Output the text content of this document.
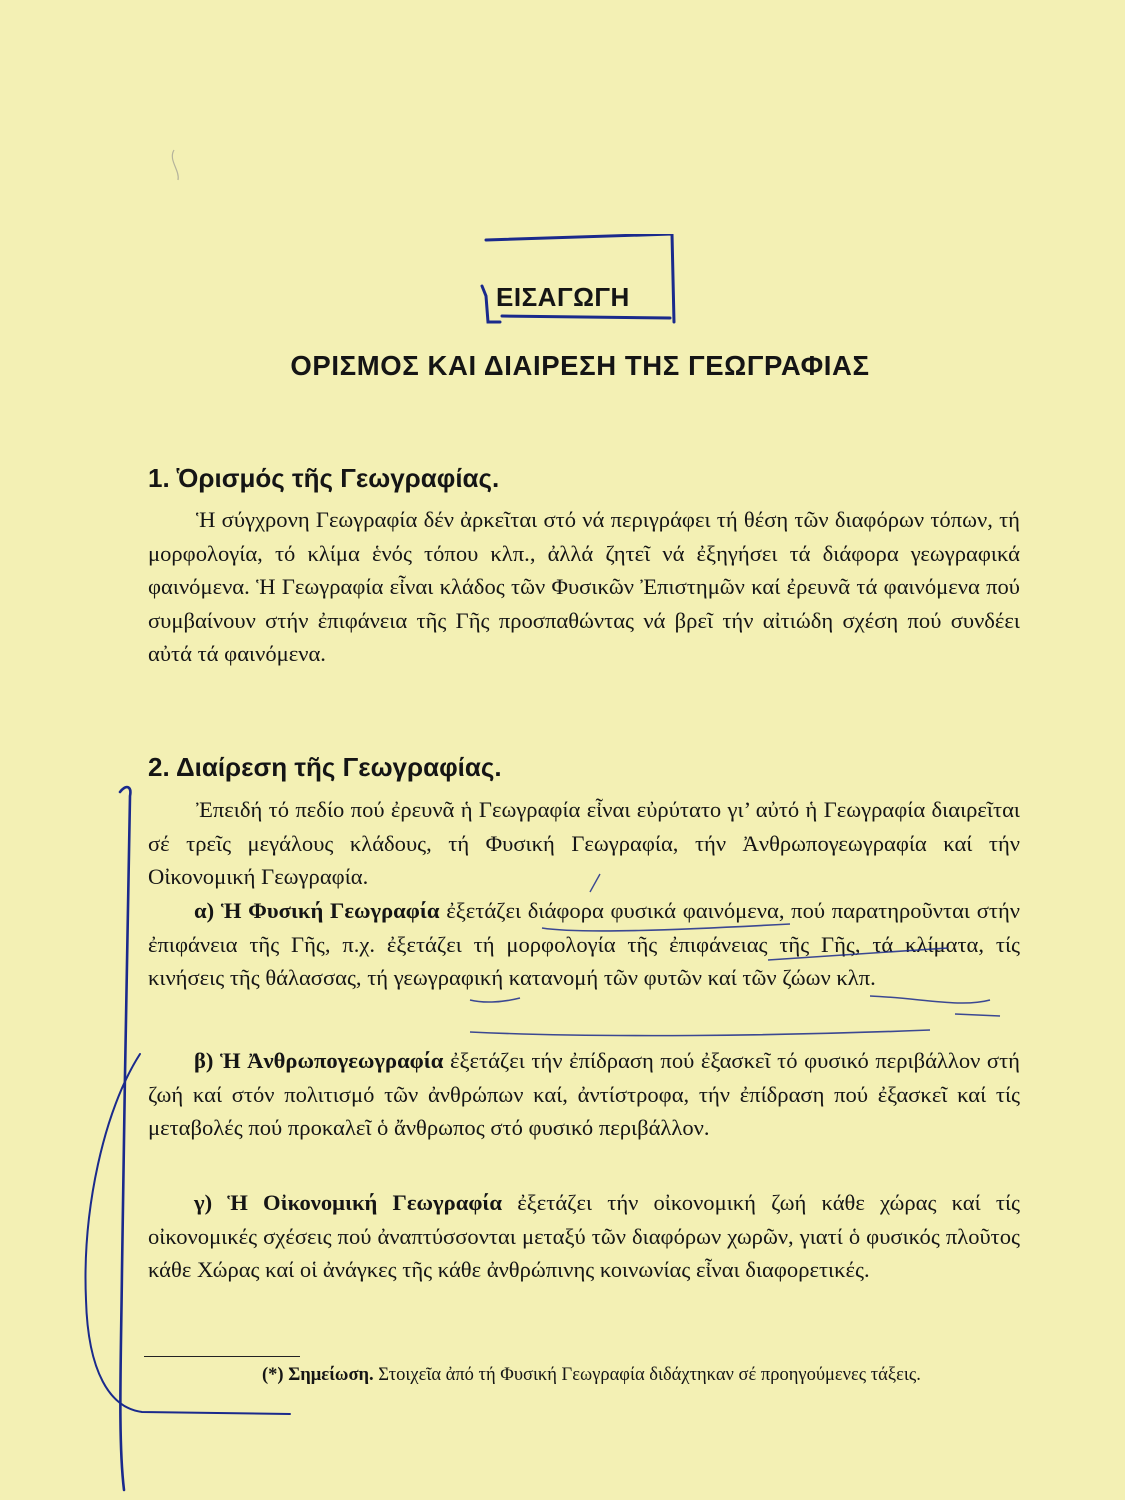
ΕΙΣΑΓΩΓΗ
ΟΡΙΣΜΟΣ ΚΑΙ ΔΙΑΙΡΕΣΗ ΤΗΣ ΓΕΩΓΡΑΦΙΑΣ
1. Ὁρισμός τῆς Γεωγραφίας.

Ἡ σύγχρονη Γεωγραφία δέν ἀρκεῖται στό νά περιγράφει τή θέση τῶν διαφόρων τόπων, τή μορφολογία, τό κλίμα ἑνός τόπου κλπ., ἀλλά ζητεῖ νά ἐξηγήσει τά διάφορα γεωγραφικά φαινόμενα. Ἡ Γεωγραφία εἶναι κλάδος τῶν Φυσικῶν Ἐπιστημῶν καί ἐρευνᾶ τά φαινόμενα πού συμβαίνουν στήν ἐπιφάνεια τῆς Γῆς προσπαθώντας νά βρεῖ τήν αἰτιώδη σχέση πού συνδέει αὐτά τά φαινόμενα.

2. Διαίρεση τῆς Γεωγραφίας.

Ἐπειδή τό πεδίο πού ἐρευνᾶ ἡ Γεωγραφία εἶναι εὐρύτατο γι’ αὐτό ἡ Γεωγραφία διαιρεῖται σέ τρεῖς μεγάλους κλάδους, τή Φυσική Γεωγραφία, τήν Ἀνθρωπογεωγραφία καί τήν Οἰκονομική Γεωγραφία.

α) Ἡ Φυσική Γεωγραφία ἐξετάζει διάφορα φυσικά φαινόμενα, πού παρατηροῦνται στήν ἐπιφάνεια τῆς Γῆς, π.χ. ἐξετάζει τή μορφολογία τῆς ἐπιφάνειας τῆς Γῆς, τά κλίματα, τίς κινήσεις τῆς θάλασσας, τή γεωγραφική κατανομή τῶν φυτῶν καί τῶν ζώων κλπ.

β) Ἡ Ἀνθρωπογεωγραφία ἐξετάζει τήν ἐπίδραση πού ἐξασκεῖ τό φυσικό περιβάλλον στή ζωή καί στόν πολιτισμό τῶν ἀνθρώπων καί, ἀντίστροφα, τήν ἐπίδραση πού ἐξασκεῖ καί τίς μεταβολές πού προκαλεῖ ὁ ἄνθρωπος στό φυσικό περιβάλλον.

γ) Ἡ Οἰκονομική Γεωγραφία ἐξετάζει τήν οἰκονομική ζωή κάθε χώρας καί τίς οἰκονομικές σχέσεις πού ἀναπτύσσονται μεταξύ τῶν διαφόρων χωρῶν, γιατί ὁ φυσικός πλοῦτος κάθε Χώρας καί οἱ ἀνάγκες τῆς κάθε ἀνθρώπινης κοινωνίας εἶναι διαφορετικές.

(*) Σημείωση. Στοιχεῖα ἀπό τή Φυσική Γεωγραφία διδάχτηκαν σέ προηγούμενες τάξεις.
